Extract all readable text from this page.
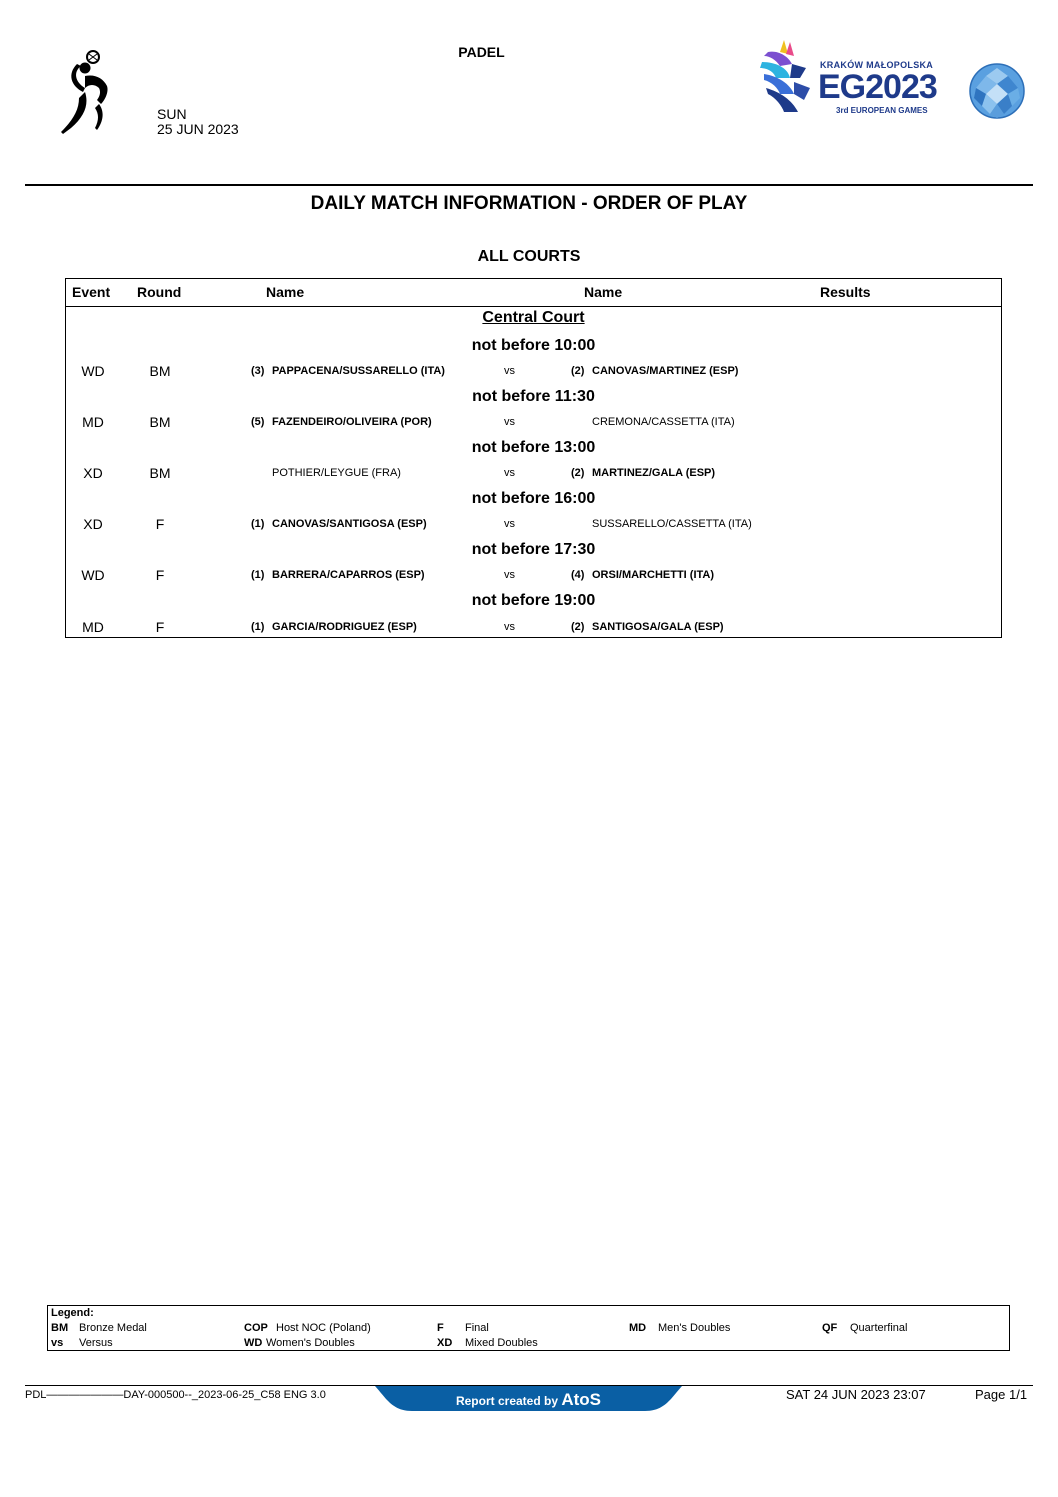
PADEL
SUN
25 JUN 2023
KRAKÓW MAŁOPOLSKA
EG2023
3rd EUROPEAN GAMES
DAILY MATCH INFORMATION - ORDER OF PLAY
ALL COURTS
Event Round	Name	Name	Results
Central Court
not before 10:00
WD	BM	(3) PAPPACENA/SUSSARELLO (ITA)	vs	(2) CANOVAS/MARTINEZ (ESP)
not before 11:30
MD	BM	(5) FAZENDEIRO/OLIVEIRA (POR)	vs	CREMONA/CASSETTA (ITA)
not before 13:00
XD	BM	POTHIER/LEYGUE (FRA)	vs	(2) MARTINEZ/GALA (ESP)
not before 16:00
XD	F	(1) CANOVAS/SANTIGOSA (ESP)	vs	SUSSARELLO/CASSETTA (ITA)
not before 17:30
WD	F	(1) BARRERA/CAPARROS (ESP)	vs	(4) ORSI/MARCHETTI (ITA)
not before 19:00
MD	F	(1) GARCIA/RODRIGUEZ (ESP)	vs	(2) SANTIGOSA/GALA (ESP)
Legend:
BM Bronze Medal	COP Host NOC (Poland)	F Final	MD Men's Doubles	QF Quarterfinal
vs Versus	WD Women's Doubles	XD Mixed Doubles
PDL———————DAY-000500--_2023-06-25_C58 ENG 3.0	Report created by AtoS	SAT 24 JUN 2023 23:07	Page 1/1
